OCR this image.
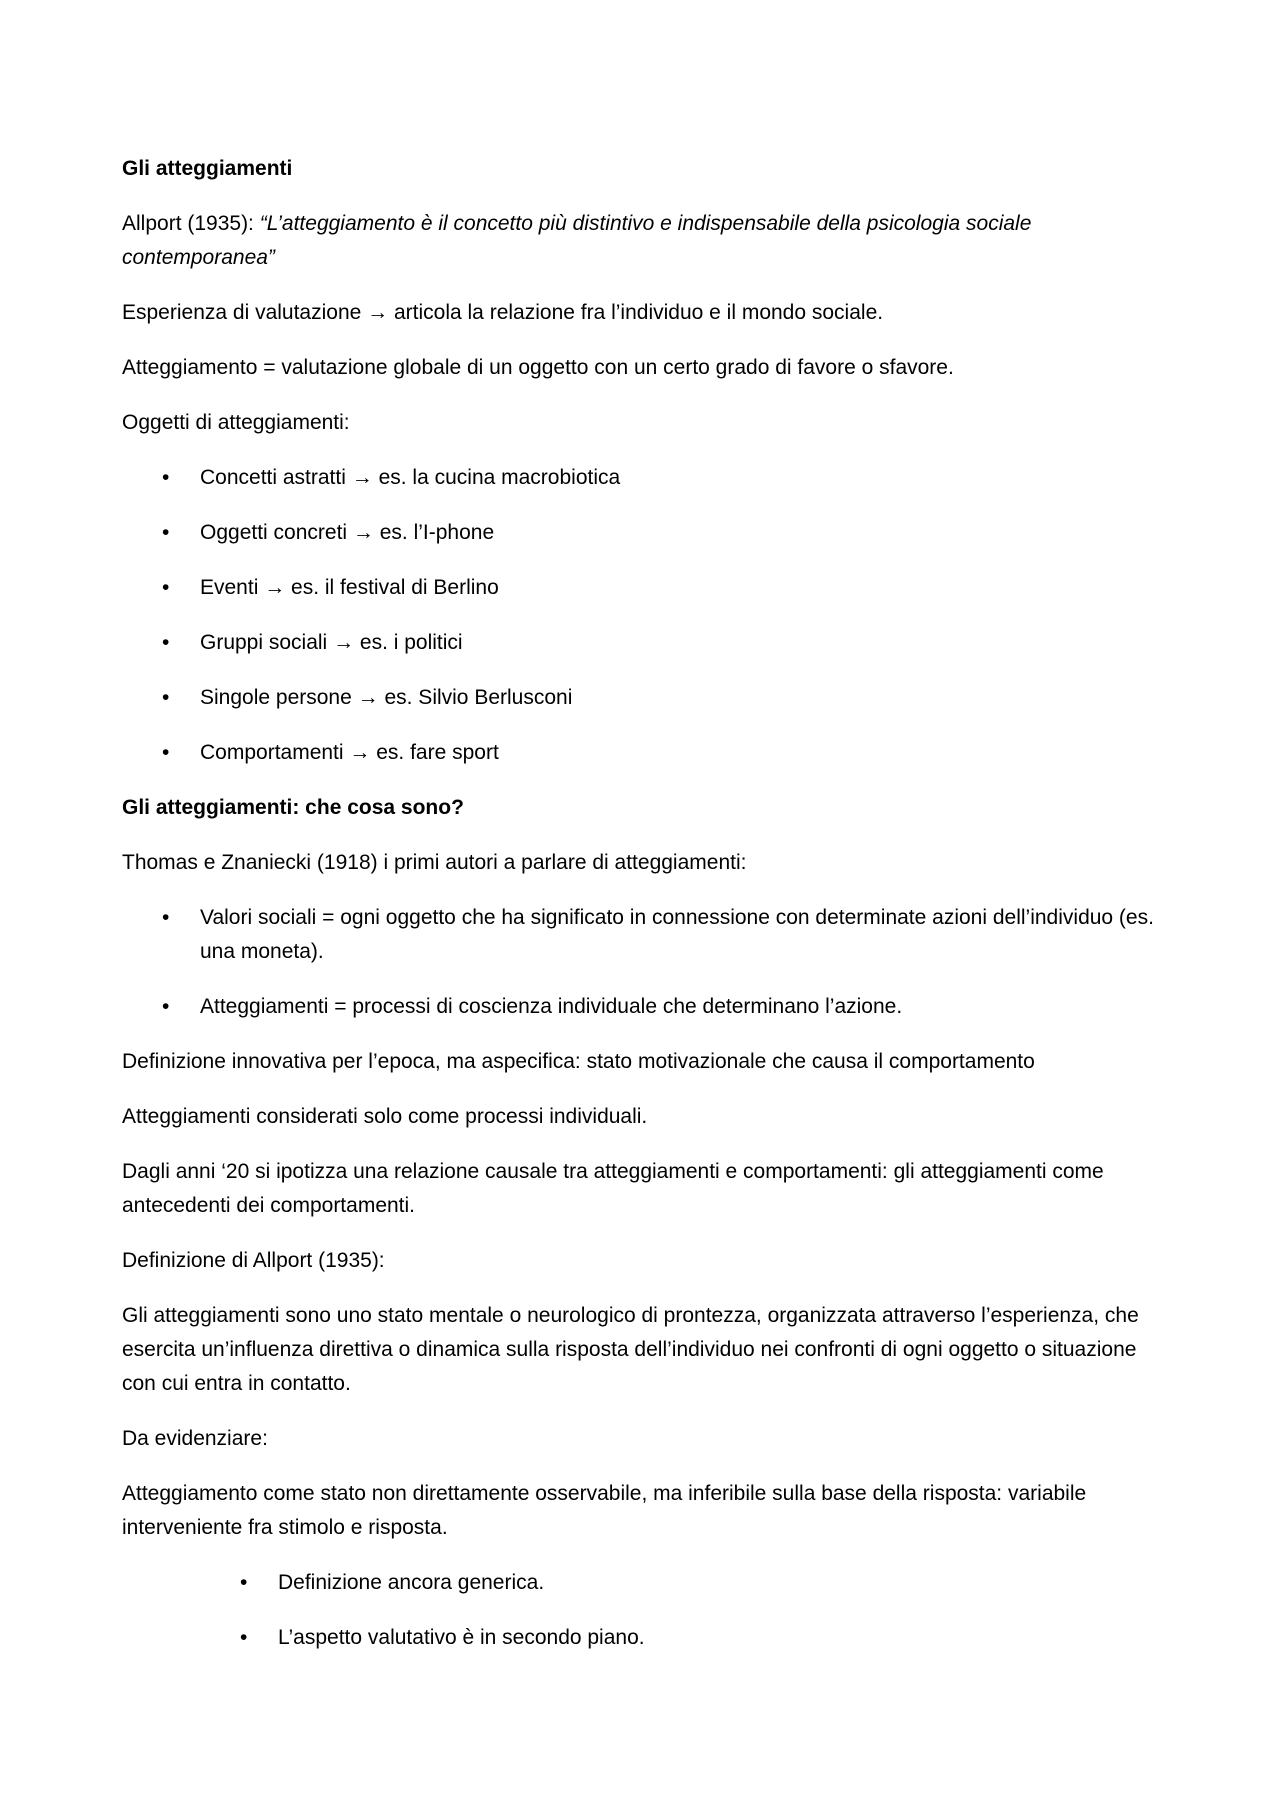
Gli atteggiamenti

Allport (1935): “L’atteggiamento è il concetto più distintivo e indispensabile della psicologia sociale contemporanea”

Esperienza di valutazione → articola la relazione fra l’individuo e il mondo sociale.

Atteggiamento = valutazione globale di un oggetto con un certo grado di favore o sfavore.

Oggetti di atteggiamenti:

• Concetti astratti → es. la cucina macrobiotica
• Oggetti concreti → es. l’I-phone
• Eventi → es. il festival di Berlino
• Gruppi sociali → es. i politici
• Singole persone → es. Silvio Berlusconi
• Comportamenti → es. fare sport

Gli atteggiamenti: che cosa sono?

Thomas e Znaniecki (1918) i primi autori a parlare di atteggiamenti:

• Valori sociali = ogni oggetto che ha significato in connessione con determinate azioni dell’individuo (es. una moneta).
• Atteggiamenti = processi di coscienza individuale che determinano l’azione.

Definizione innovativa per l’epoca, ma aspecifica: stato motivazionale che causa il comportamento

Atteggiamenti considerati solo come processi individuali.

Dagli anni ‘20 si ipotizza una relazione causale tra atteggiamenti e comportamenti: gli atteggiamenti come antecedenti dei comportamenti.

Definizione di Allport (1935):

Gli atteggiamenti sono uno stato mentale o neurologico di prontezza, organizzata attraverso l’esperienza, che esercita un’influenza direttiva o dinamica sulla risposta dell’individuo nei confronti di ogni oggetto o situazione con cui entra in contatto.

Da evidenziare:

Atteggiamento come stato non direttamente osservabile, ma inferibile sulla base della risposta: variabile interveniente fra stimolo e risposta.

• Definizione ancora generica.
• L’aspetto valutativo è in secondo piano.
